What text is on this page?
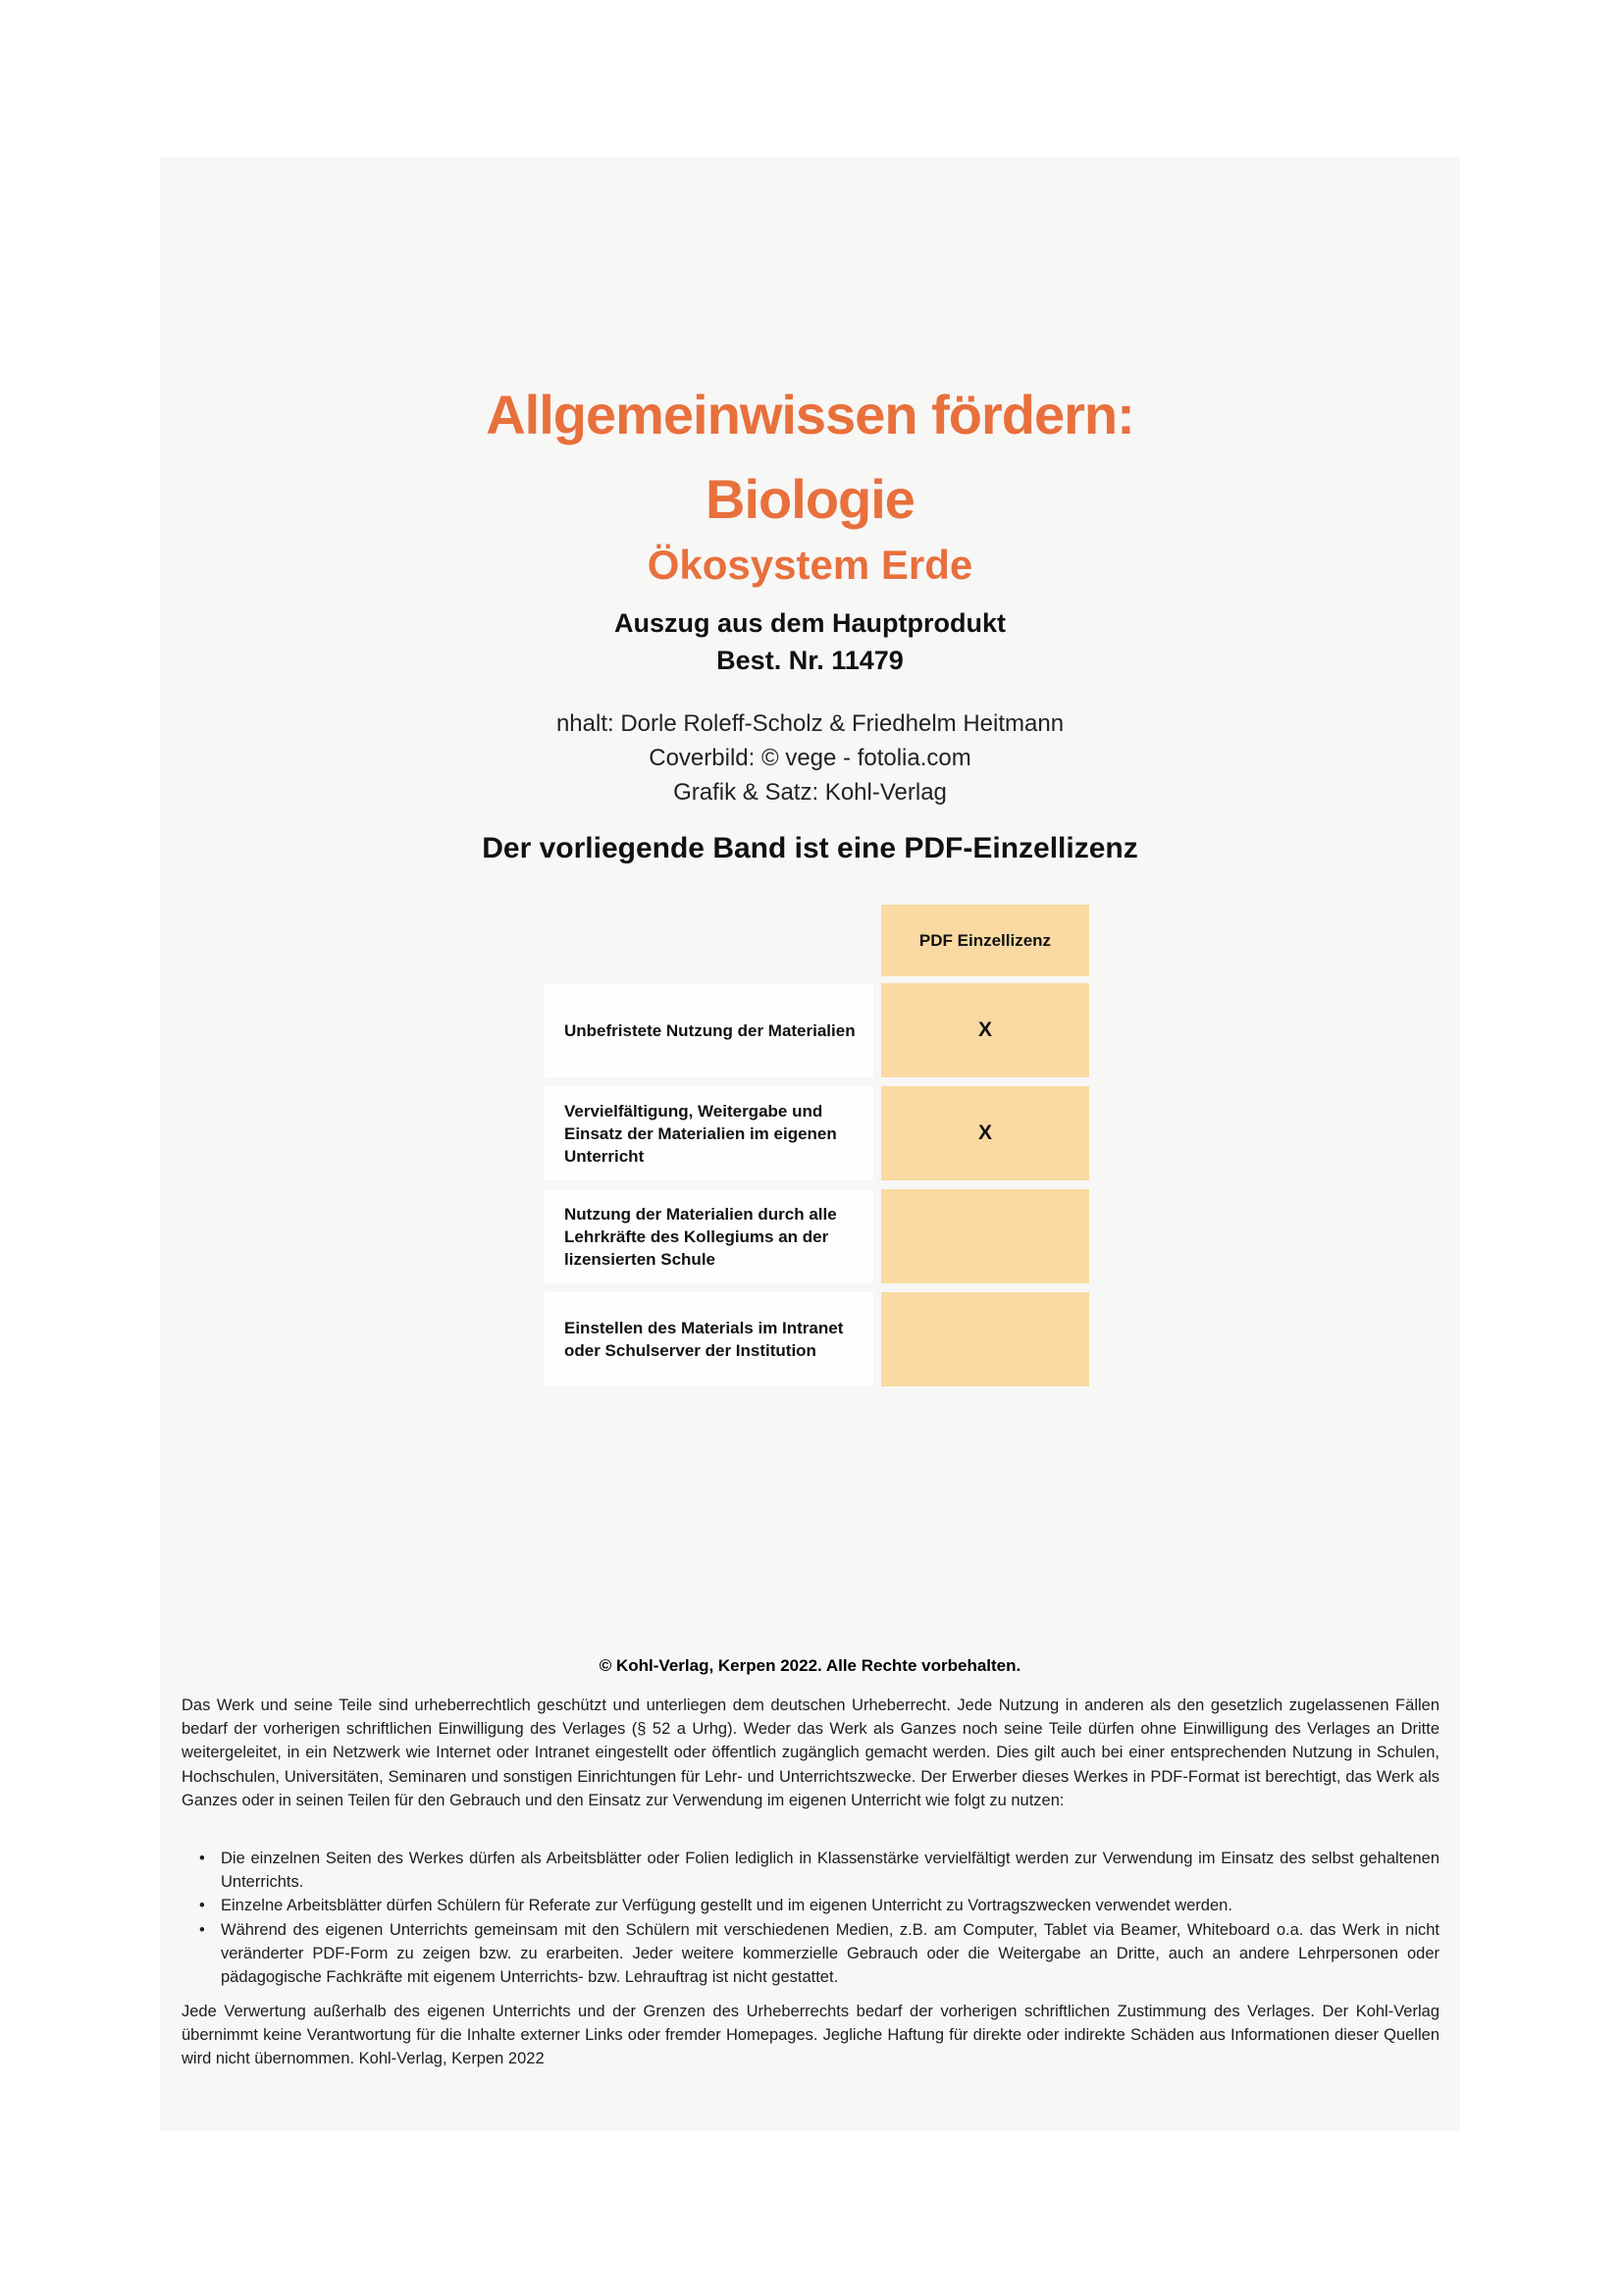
Allgemeinwissen fördern:
Biologie
Ökosystem Erde
Auszug aus dem Hauptprodukt
Best. Nr. 11479
nhalt: Dorle Roleff-Scholz & Friedhelm Heitmann
Coverbild: © vege - fotolia.com
Grafik & Satz: Kohl-Verlag
Der vorliegende Band ist eine PDF-Einzellizenz
PDF Einzellizenz
Unbefristete Nutzung der Materialien	X
Vervielfältigung, Weitergabe und Einsatz der Materialien im eigenen Unterricht
X
Nutzung der Materialien durch alle Lehrkräfte des Kollegiums an der lizensierten Schule
Einstellen des Materials im Intranet oder Schulserver der Institution
© Kohl-Verlag, Kerpen 2022. Alle Rechte vorbehalten.
Das Werk und seine Teile sind urheberrechtlich geschützt und unterliegen dem deutschen Urheberrecht. Jede Nutzung in anderen als den gesetzlich zugelassenen Fällen bedarf der vorherigen schriftlichen Einwilligung des Verlages (§ 52 a Urhg). Weder das Werk als Ganzes noch seine Teile dürfen ohne Einwilligung des Verlages an Dritte weitergeleitet, in ein Netzwerk wie Internet oder Intranet eingestellt oder öffentlich zugänglich gemacht werden. Dies gilt auch bei einer entsprechenden Nutzung in Schulen, Hochschulen, Universitäten, Seminaren und sonstigen Einrichtungen für Lehr- und Unterrichtszwecke. Der Erwerber dieses Werkes in PDF-Format ist berechtigt, das Werk als Ganzes oder in seinen Teilen für den Gebrauch und den Einsatz zur Verwendung im eigenen Unterricht wie folgt zu nutzen:
• Die einzelnen Seiten des Werkes dürfen als Arbeitsblätter oder Folien lediglich in Klassenstärke vervielfältigt werden zur Verwendung im Einsatz des selbst gehaltenen Unterrichts.
• Einzelne Arbeitsblätter dürfen Schülern für Referate zur Verfügung gestellt und im eigenen Unterricht zu Vortragszwecken verwendet werden.
• Während des eigenen Unterrichts gemeinsam mit den Schülern mit verschiedenen Medien, z.B. am Computer, Tablet via Beamer, Whiteboard o.a. das Werk in nicht veränderter PDF-Form zu zeigen bzw. zu erarbeiten. Jeder weitere kommerzielle Gebrauch oder die Weitergabe an Dritte, auch an andere Lehrpersonen oder pädagogische Fachkräfte mit eigenem Unterrichts- bzw. Lehrauftrag ist nicht gestattet.
Jede Verwertung außerhalb des eigenen Unterrichts und der Grenzen des Urheberrechts bedarf der vorherigen schriftlichen Zustimmung des Verlages. Der Kohl-Verlag übernimmt keine Verantwortung für die Inhalte externer Links oder fremder Homepages. Jegliche Haftung für direkte oder indirekte Schäden aus Informationen dieser Quellen wird nicht übernommen. Kohl-Verlag, Kerpen 2022
